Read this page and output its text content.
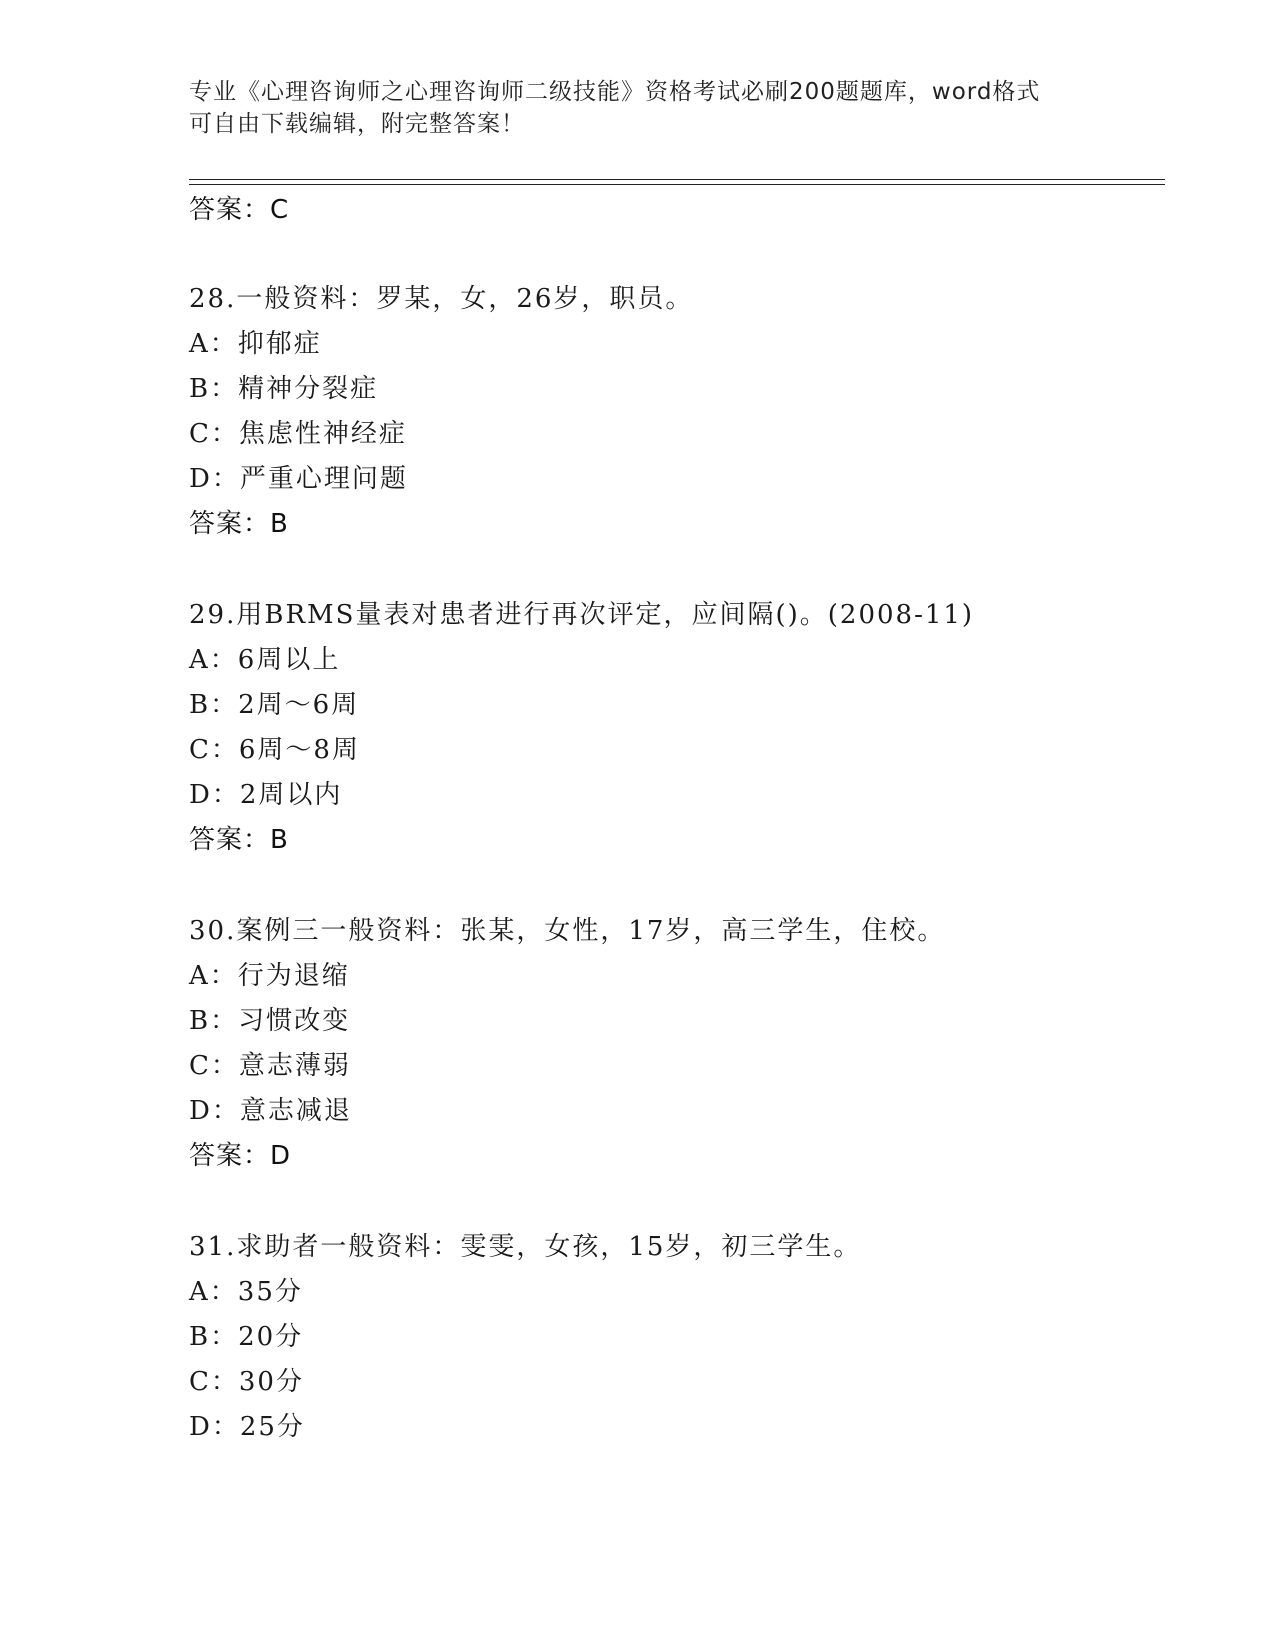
专业《心理咨询师之心理咨询师二级技能》资格考试必刷200题题库，word格式
可自由下载编辑，附完整答案！
答案：C
28.一般资料：罗某，女，26岁，职员。
A：抑郁症
B：精神分裂症
C：焦虑性神经症
D：严重心理问题
答案：B
29.用BRMS量表对患者进行再次评定，应间隔()。(2008-11)
A：6周以上
B：2周～6周
C：6周～8周
D：2周以内
答案：B
30.案例三一般资料：张某，女性，17岁，高三学生，住校。
A：行为退缩
B：习惯改变
C：意志薄弱
D：意志减退
答案：D
31.求助者一般资料：雯雯，女孩，15岁，初三学生。
A：35分
B：20分
C：30分
D：25分
